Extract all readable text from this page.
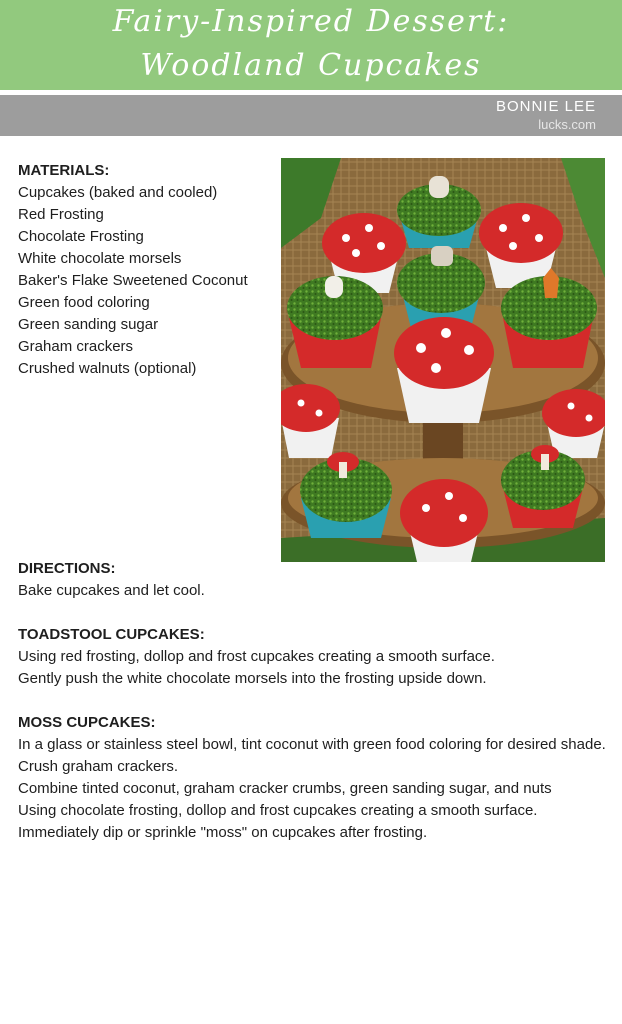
Fairy-Inspired Dessert:
Woodland Cupcakes
BONNIE LEE
lucks.com
MATERIALS:
Cupcakes (baked and cooled)
Red Frosting
Chocolate Frosting
White chocolate morsels
Baker's Flake Sweetened Coconut
Green food coloring
Green sanding sugar
Graham crackers
Crushed walnuts (optional)
DIRECTIONS:

Bake cupcakes and let cool.

TOADSTOOL CUPCAKES:

Using red frosting, dollop and frost cupcakes creating a smooth surface.

Gently push the white chocolate morsels into the frosting upside down.

MOSS CUPCAKES:

In a glass or stainless steel bowl, tint coconut with green food coloring for desired shade.

Crush graham crackers.

Combine tinted coconut, graham cracker crumbs, green sanding sugar, and nuts

Using chocolate frosting, dollop and frost cupcakes creating a smooth surface.

Immediately dip or sprinkle "moss" on cupcakes after frosting.
